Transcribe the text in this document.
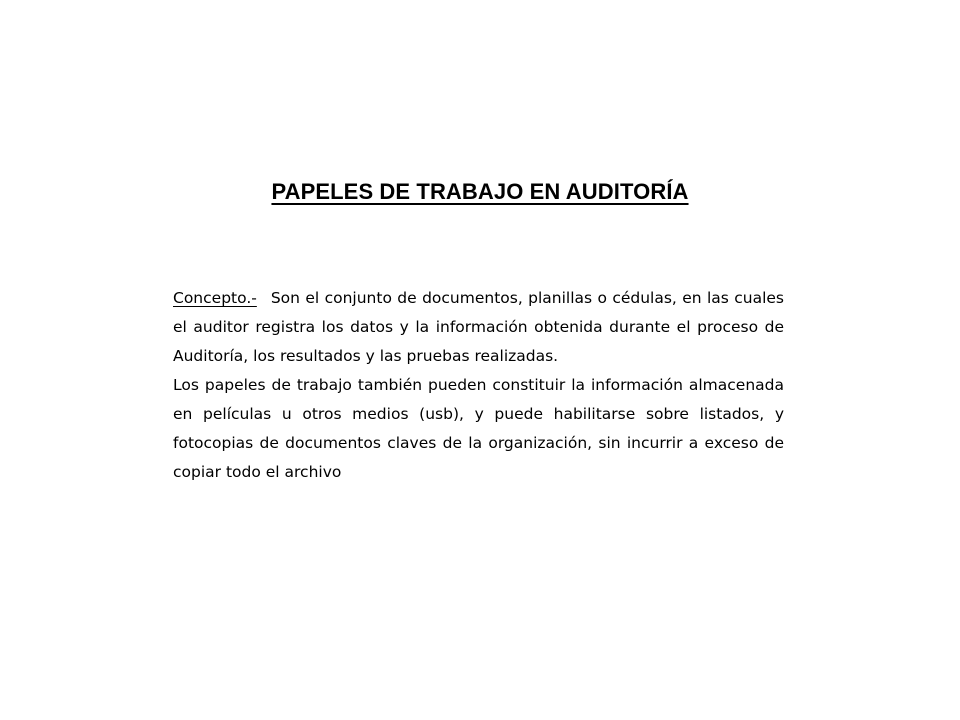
PAPELES DE TRABAJO EN AUDITORÍA

Concepto.- Son el conjunto de documentos, planillas o cédulas, en las cuales el auditor registra los datos y la información obtenida durante el proceso de Auditoría, los resultados y las pruebas realizadas.

Los papeles de trabajo también pueden constituir la información almacenada en películas u otros medios (usb), y puede habilitarse sobre listados, y fotocopias de documentos claves de la organización, sin incurrir a exceso de copiar todo el archivo
